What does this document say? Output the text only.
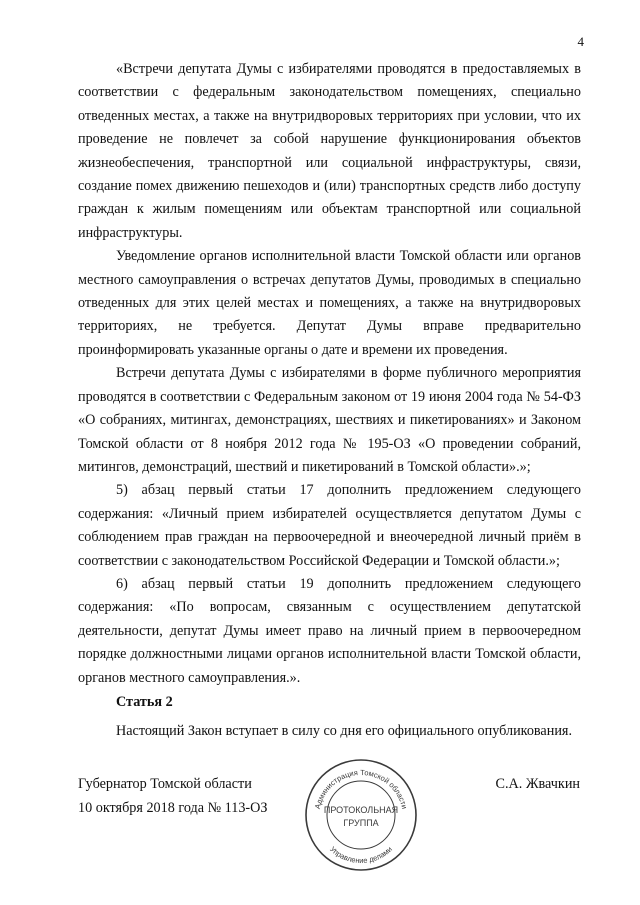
4

«Встречи депутата Думы с избирателями проводятся в предоставляемых в соответствии с федеральным законодательством помещениях, специально отведенных местах, а также на внутридворовых территориях при условии, что их проведение не повлечет за собой нарушение функционирования объектов жизнеобеспечения, транспортной или социальной инфраструктуры, связи, создание помех движению пешеходов и (или) транспортных средств либо доступу граждан к жилым помещениям или объектам транспортной или социальной инфраструктуры.

Уведомление органов исполнительной власти Томской области или органов местного самоуправления о встречах депутатов Думы, проводимых в специально отведенных для этих целей местах и помещениях, а также на внутридворовых территориях, не требуется. Депутат Думы вправе предварительно проинформировать указанные органы о дате и времени их проведения.

Встречи депутата Думы с избирателями в форме публичного мероприятия проводятся в соответствии с Федеральным законом от 19 июня 2004 года № 54-ФЗ «О собраниях, митингах, демонстрациях, шествиях и пикетированиях» и Законом Томской области от 8 ноября 2012 года № 195-ОЗ «О проведении собраний, митингов, демонстраций, шествий и пикетирований в Томской области».»;

5) абзац первый статьи 17 дополнить предложением следующего содержания: «Личный прием избирателей осуществляется депутатом Думы с соблюдением прав граждан на первоочередной и внеочередной личный приём в соответствии с законодательством Российской Федерации и Томской области.»;

6) абзац первый статьи 19 дополнить предложением следующего содержания: «По вопросам, связанным с осуществлением депутатской деятельности, депутат Думы имеет право на личный прием в первоочередном порядке должностными лицами органов исполнительной власти Томской области, органов местного самоуправления.».

Статья 2

Настоящий Закон вступает в силу со дня его официального опубликования.

Губернатор Томской области	С.А. Жвачкин
10 октября 2018 года № 113-ОЗ	Администрация Томской области
Управление делами
ПРОТОКОЛЬНАЯ
ГРУППА
